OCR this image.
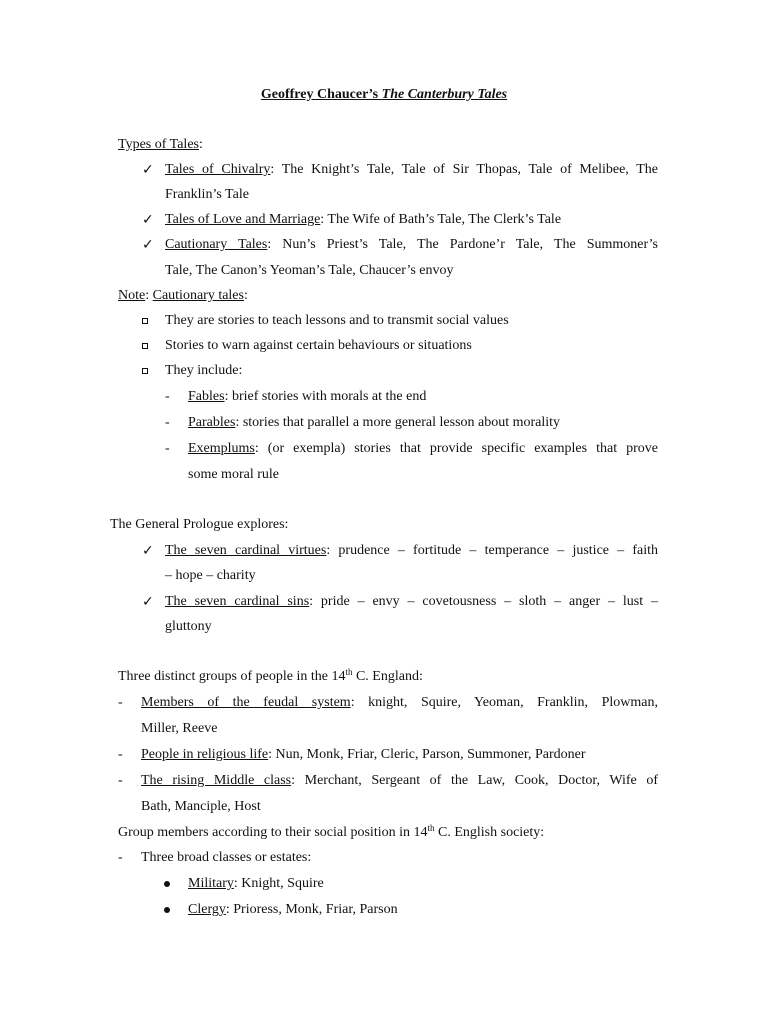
Geoffrey Chaucer’s The Canterbury Tales
Types of Tales:
✓
Tales of Chivalry: The Knight’s Tale, Tale of Sir Thopas, Tale of Melibee, The
Franklin’s Tale
✓
Tales of Love and Marriage: The Wife of Bath’s Tale, The Clerk’s Tale
✓
Cautionary Tales: Nun’s Priest’s Tale, The Pardone’r Tale, The Summoner’s
Tale, The Canon’s Yeoman’s Tale, Chaucer’s envoy
Note: Cautionary tales:
They are stories to teach lessons and to transmit social values
Stories to warn against certain behaviours or situations
They include:
- Fables: brief stories with morals at the end
- Parables: stories that parallel a more general lesson about morality
- Exemplums: (or exempla) stories that provide specific examples that prove
some moral rule
The General Prologue explores:
✓
The seven cardinal virtues: prudence – fortitude – temperance – justice – faith
– hope – charity
✓
The seven cardinal sins: pride – envy – covetousness – sloth – anger – lust –
gluttony
Three distinct groups of people in the 14th C. England:
- Members of the feudal system: knight, Squire, Yeoman, Franklin, Plowman,
Miller, Reeve
- People in religious life: Nun, Monk, Friar, Cleric, Parson, Summoner, Pardoner
- The rising Middle class: Merchant, Sergeant of the Law, Cook, Doctor, Wife of
Bath, Manciple, Host
Group members according to their social position in 14th C. English society:
- Three broad classes or estates:
Military: Knight, Squire
Clergy: Prioress, Monk, Friar, Parson
